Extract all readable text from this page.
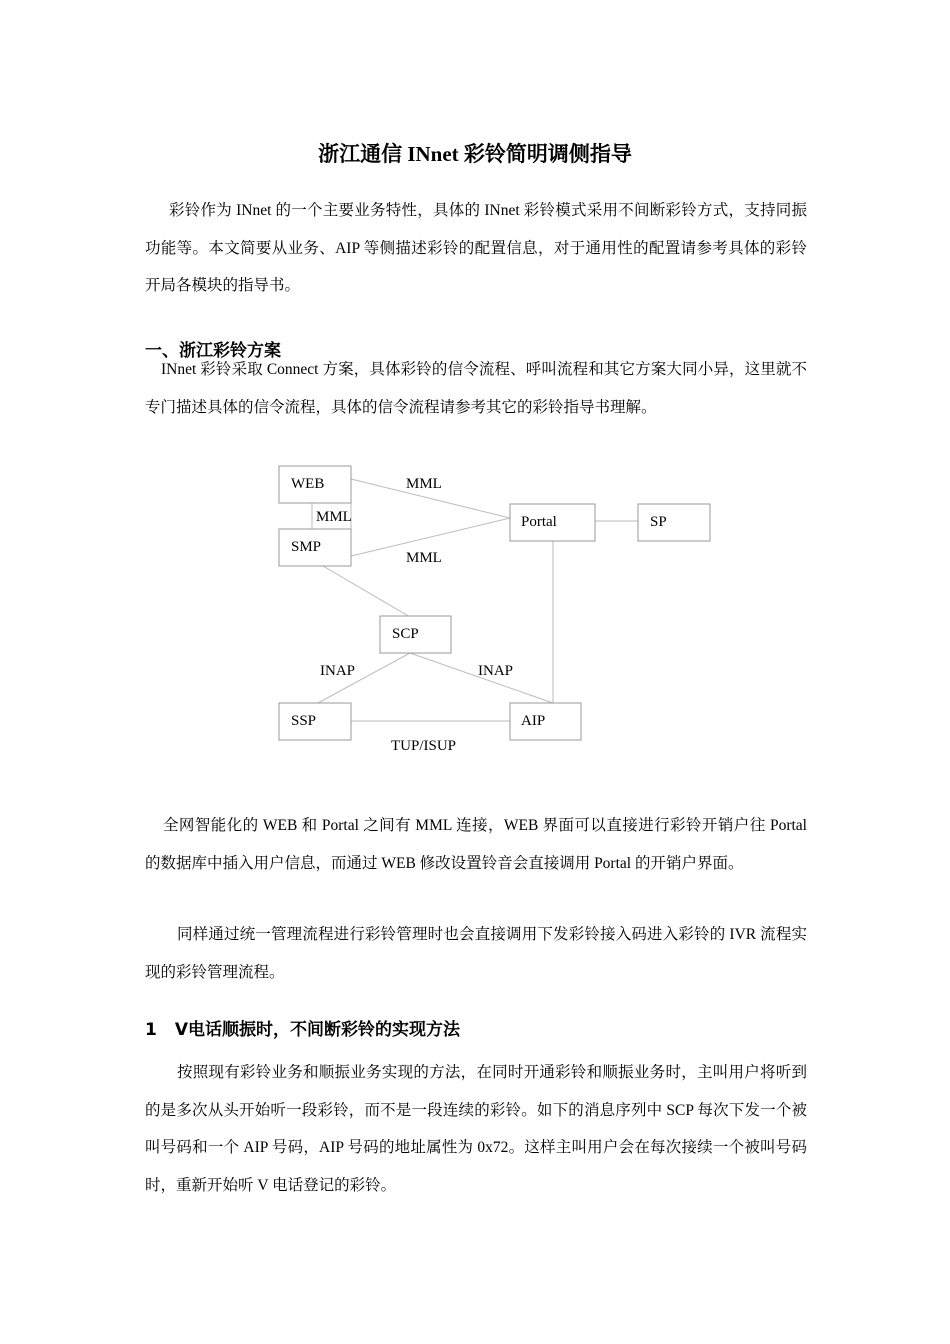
浙江通信 INnet 彩铃简明调侧指导
彩铃作为 INnet 的一个主要业务特性，具体的 INnet 彩铃模式采用不间断彩铃方式，支持同振功能等。本文简要从业务、AIP 等侧描述彩铃的配置信息，对于通用性的配置请参考具体的彩铃开局各模块的指导书。
一、浙江彩铃方案
INnet 彩铃采取 Connect 方案，具体彩铃的信令流程、呼叫流程和其它方案大同小异，这里就不专门描述具体的信令流程，具体的信令流程请参考其它的彩铃指导书理解。
WEB
SMP
Portal	SP
SCP
SSP	AIP
MML
MML
MML
INAP	INAP
TUP/ISUP
全网智能化的 WEB 和 Portal 之间有 MML 连接，WEB 界面可以直接进行彩铃开销户往 Portal 的数据库中插入用户信息，而通过 WEB 修改设置铃音会直接调用 Portal 的开销户界面。
同样通过统一管理流程进行彩铃管理时也会直接调用下发彩铃接入码进入彩铃的 IVR 流程实现的彩铃管理流程。
1 V电话顺振时，不间断彩铃的实现方法
按照现有彩铃业务和顺振业务实现的方法，在同时开通彩铃和顺振业务时，主叫用户将听到的是多次从头开始听一段彩铃，而不是一段连续的彩铃。如下的消息序列中 SCP 每次下发一个被叫号码和一个 AIP 号码，AIP 号码的地址属性为 0x72。这样主叫用户会在每次接续一个被叫号码时，重新开始听 V 电话登记的彩铃。
